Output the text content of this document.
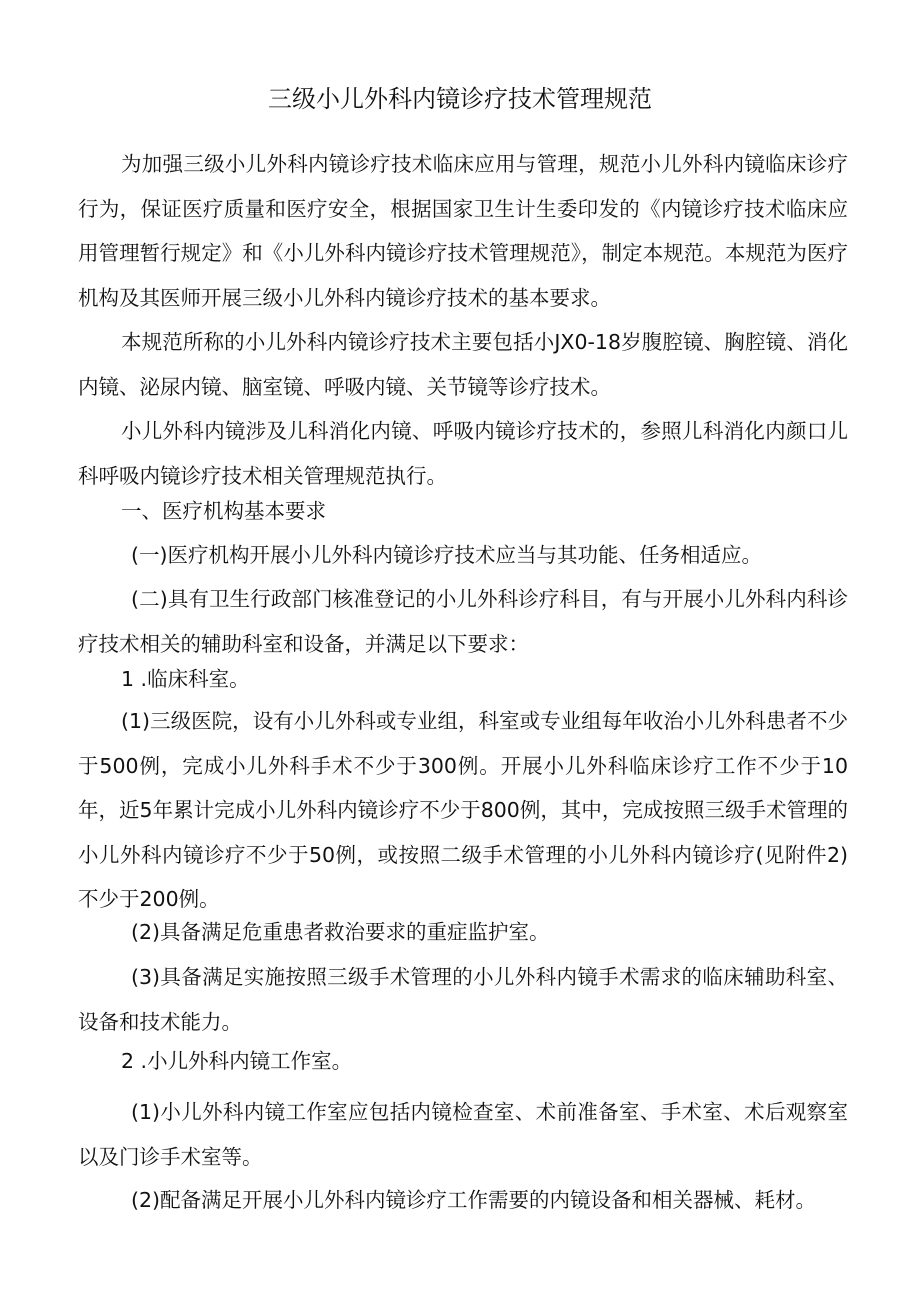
三级小儿外科内镜诊疗技术管理规范

为加强三级小儿外科内镜诊疗技术临床应用与管理，规范小儿外科内镜临床诊疗行为，保证医疗质量和医疗安全，根据国家卫生计生委印发的《内镜诊疗技术临床应用管理暂行规定》和《小儿外科内镜诊疗技术管理规范》，制定本规范。本规范为医疗机构及其医师开展三级小儿外科内镜诊疗技术的基本要求。

本规范所称的小儿外科内镜诊疗技术主要包括小JX0-18岁腹腔镜、胸腔镜、消化内镜、泌尿内镜、脑室镜、呼吸内镜、关节镜等诊疗技术。

小儿外科内镜涉及儿科消化内镜、呼吸内镜诊疗技术的，参照儿科消化内颜口儿科呼吸内镜诊疗技术相关管理规范执行。

一、医疗机构基本要求

(一)医疗机构开展小儿外科内镜诊疗技术应当与其功能、任务相适应。

(二)具有卫生行政部门核准登记的小儿外科诊疗科目，有与开展小儿外科内科诊疗技术相关的辅助科室和设备，并满足以下要求：

1 .临床科室。

(1)三级医院，设有小儿外科或专业组，科室或专业组每年收治小儿外科患者不少于500例，完成小儿外科手术不少于300例。开展小儿外科临床诊疗工作不少于10年，近5年累计完成小儿外科内镜诊疗不少于800例，其中，完成按照三级手术管理的小儿外科内镜诊疗不少于50例，或按照二级手术管理的小儿外科内镜诊疗(见附件2)不少于200例。

(2)具备满足危重患者救治要求的重症监护室。

(3)具备满足实施按照三级手术管理的小儿外科内镜手术需求的临床辅助科室、设备和技术能力。

2 .小儿外科内镜工作室。

(1)小儿外科内镜工作室应包括内镜检查室、术前准备室、手术室、术后观察室以及门诊手术室等。

(2)配备满足开展小儿外科内镜诊疗工作需要的内镜设备和相关器械、耗材。
